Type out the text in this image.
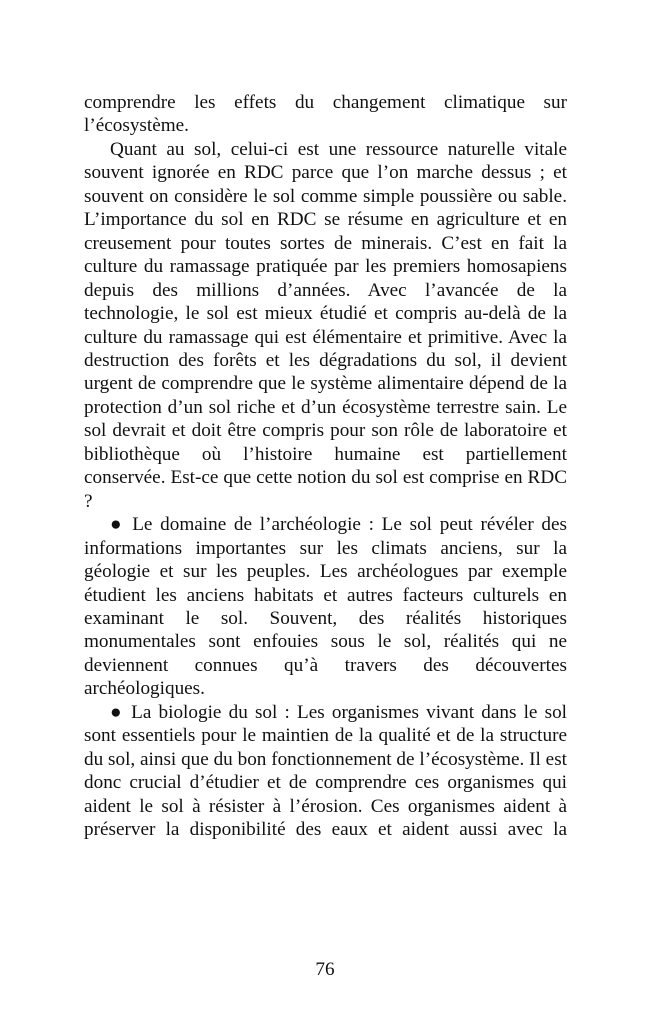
comprendre les effets du changement climatique sur l’écosystème.

Quant au sol, celui-ci est une ressource naturelle vitale souvent ignorée en RDC parce que l’on marche dessus ; et souvent on considère le sol comme simple poussière ou sable. L’importance du sol en RDC se résume en agriculture et en creusement pour toutes sortes de minerais. C’est en fait la culture du ramassage pratiquée par les premiers homosapiens depuis des millions d’années. Avec l’avancée de la technologie, le sol est mieux étudié et compris au-delà de la culture du ramassage qui est élémentaire et primitive. Avec la destruction des forêts et les dégradations du sol, il devient urgent de comprendre que le système alimentaire dépend de la protection d’un sol riche et d’un écosystème terrestre sain. Le sol devrait et doit être compris pour son rôle de laboratoire et bibliothèque où l’histoire humaine est partiellement conservée. Est-ce que cette notion du sol est comprise en RDC ?

● Le domaine de l’archéologie : Le sol peut révéler des informations importantes sur les climats anciens, sur la géologie et sur les peuples. Les archéologues par exemple étudient les anciens habitats et autres facteurs culturels en examinant le sol. Souvent, des réalités historiques monumentales sont enfouies sous le sol, réalités qui ne deviennent connues qu’à travers des découvertes archéologiques.

● La biologie du sol : Les organismes vivant dans le sol sont essentiels pour le maintien de la qualité et de la structure du sol, ainsi que du bon fonctionnement de l’écosystème. Il est donc crucial d’étudier et de comprendre ces organismes qui aident le sol à résister à l’érosion. Ces organismes aident à préserver la disponibilité des eaux et aident aussi avec la

76
